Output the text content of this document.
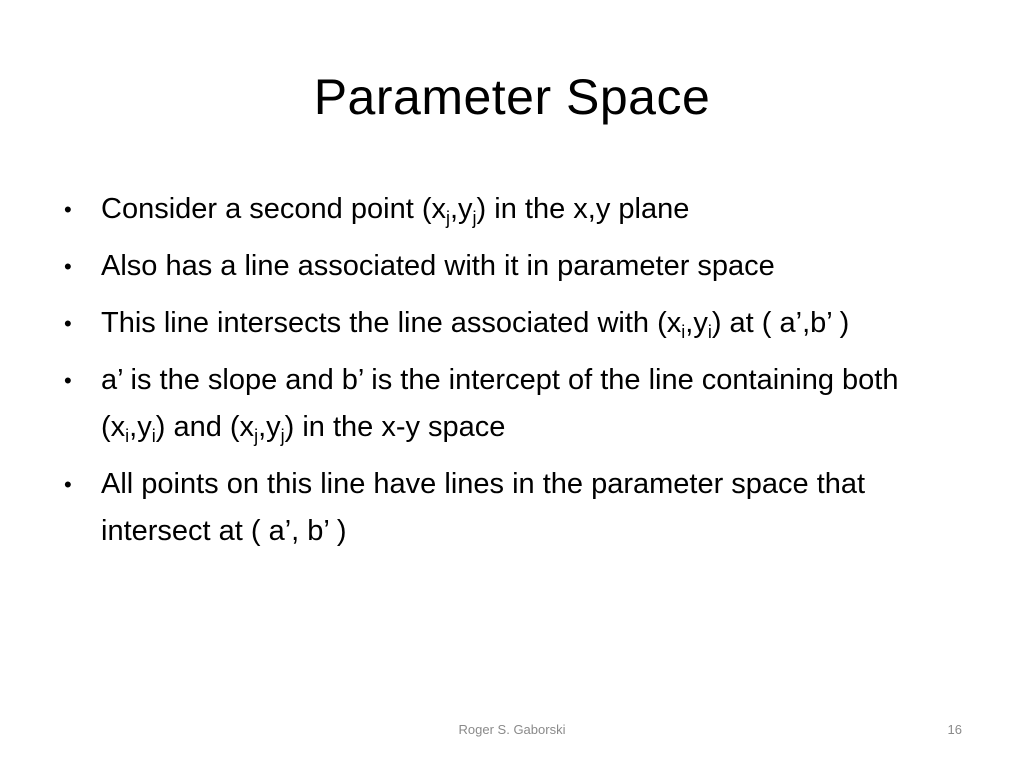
Parameter Space
•	Consider a second point $(x_j,y_j)$ in the x,y plane
•	Also has a line associated with it in parameter space
•	This line intersects the line associated with $(x_i,y_i)$ at ( a’,b’ )
•	a’ is the slope and b’ is the intercept of the line containing both $(x_i,y_i)$ and $(x_j,y_j)$ in the x-y space
•	All points on this line have lines in the parameter space that intersect at ( a’, b’ )
Roger S. Gaborski	16
